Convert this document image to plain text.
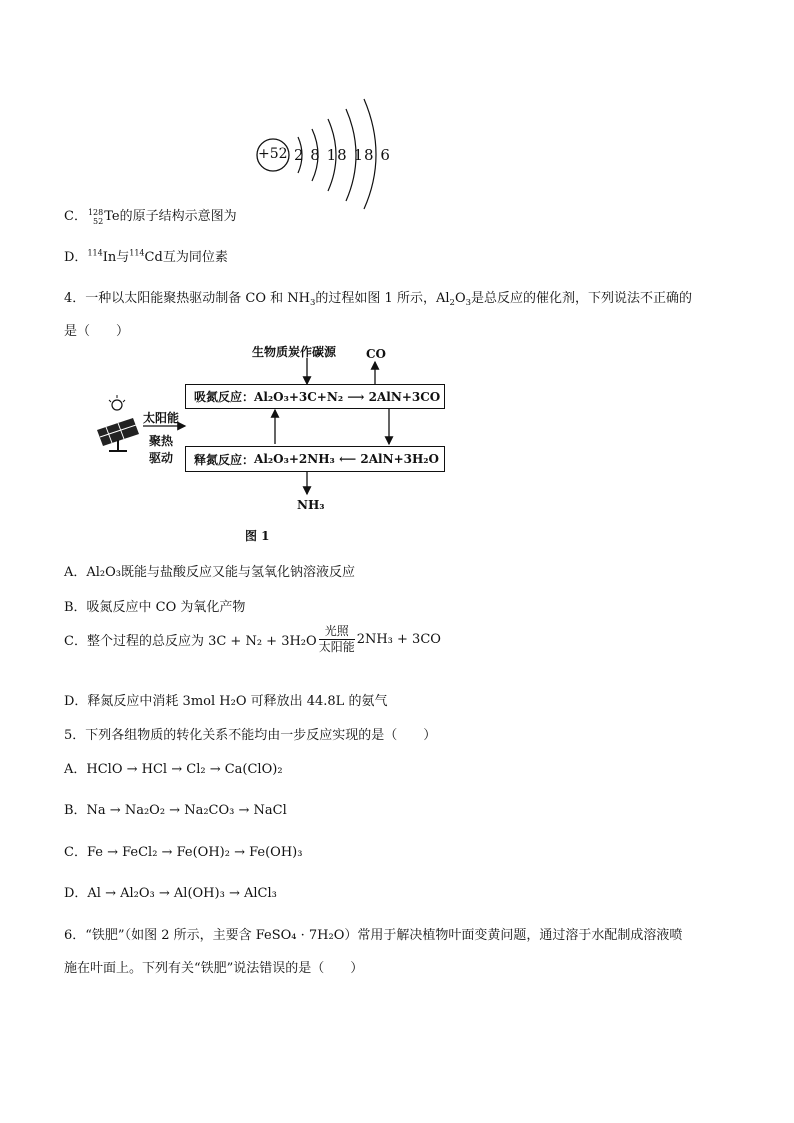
+52 2 8 18 18 6
C． 128
52 Te的原子结构示意图为
D．$^{114}$In与$^{114}$Cd互为同位素
4．一种以太阳能聚热驱动制备 CO 和 $NH_3$的过程如图 1 所示，$Al_2O_3$是总反应的催化剂，下列说法不正确的
是（　　）
生物质炭作碳源 CO
吸氮反应： Al₂O₃+3C+N₂ ⟶ 2AlN+3CO
释氮反应： Al₂O₃+2NH₃ ⟵ 2AlN+3H₂O
太阳能
聚热
驱动
NH₃
图 1
A．Al₂O₃既能与盐酸反应又能与氢氧化钠溶液反应
B．吸氮反应中 CO 为氧化产物
C．整个过程的总反应为 $3C + N_2 + 3H_2O \frac{\text{光照}}{\text{太阳能}} 2NH_3 + 3CO$
D．释氮反应中消耗 3mol H₂O 可释放出 44.8L 的氨气
5．下列各组物质的转化关系不能均由一步反应实现的是（　　）
A．HClO → HCl → Cl₂ → Ca(ClO)₂
B．Na → Na₂O₂ → Na₂CO₃ → NaCl
C．Fe → FeCl₂ → Fe(OH)₂ → Fe(OH)₃
D．Al → Al₂O₃ → Al(OH)₃ → AlCl₃
6．“铁肥”（如图 2 所示，主要含 FeSO₄ · 7H₂O）常用于解决植物叶面变黄问题，通过溶于水配制成溶液喷
施在叶面上。下列有关“铁肥”说法错误的是（　　）
